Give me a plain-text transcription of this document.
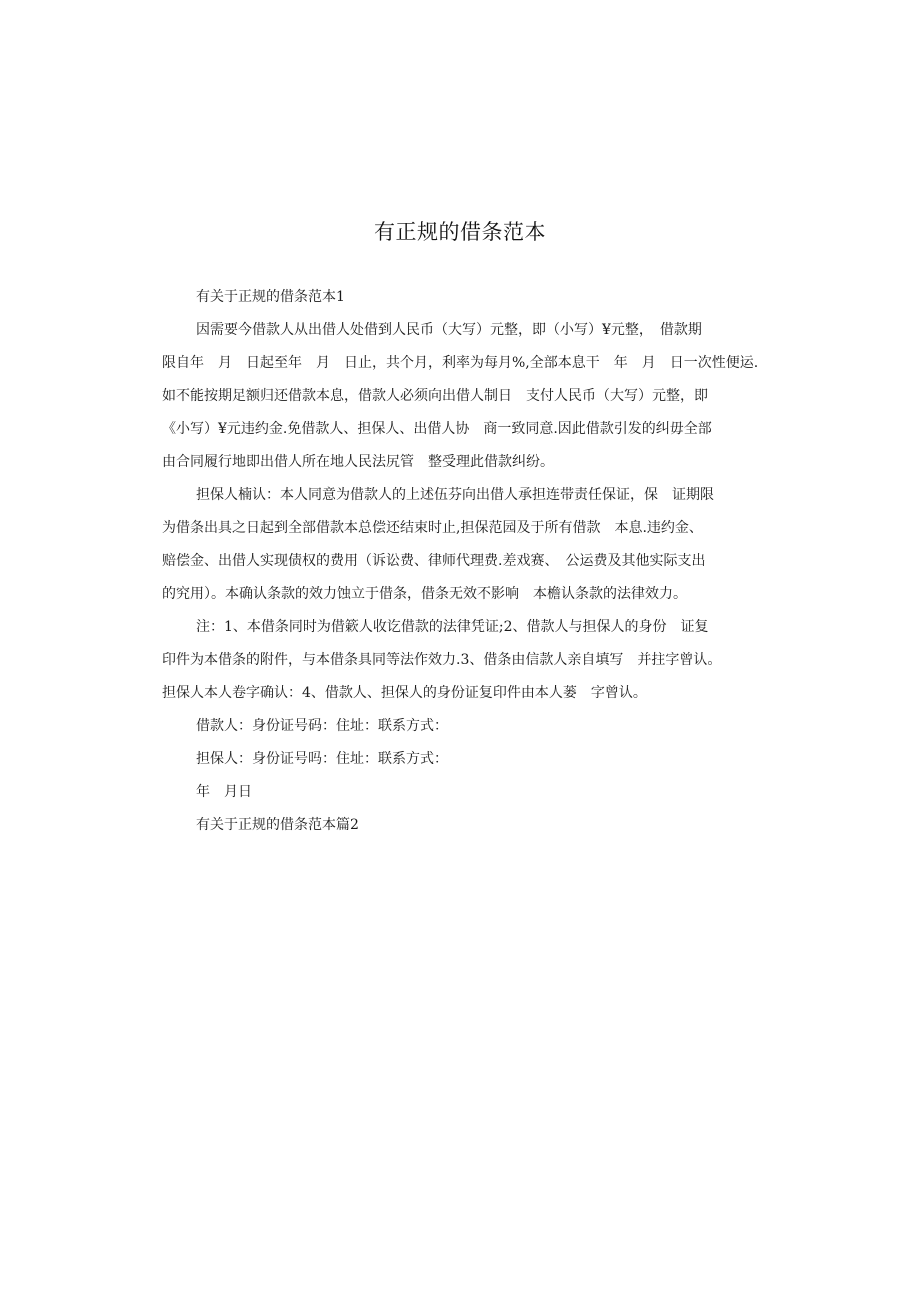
有正规的借条范本
有关于正规的借条范本1
因需要今借款人从出借人处借到人民币（大写）元整，即（小写）¥元整，　借款期
限自年　月　日起至年　月　日止，共个月，利率为每月%,全部本息干　年　月　日一次性便运.
如不能按期足额归还借款本息，借款人必须向出借人制日　支付人民币（大写）元整，即
《小写）¥元违约金.免借款人、担保人、出借人协　商一致同意.因此借款引发的纠毋全部
由合同履行地即出借人所在地人民法尻管　整受理此借款纠纷。
担保人楠认：本人同意为借款人的上述伍芬向出借人承担连带责任保证，保　证期限
为借条出具之日起到全部借款本总偿还结束时止,担保范园及于所有借款　本息.违约金、
赔偿金、出借人实现债权的费用（诉讼费、律师代理费.差戏赛、　公运费及其他实际支出
的究用）。本确认条款的效力蚀立于借条，借条无效不影响　本檐认条款的法律效力。
注：1、本借条同时为借簌人收讫借款的法律凭证;2、借款人与担保人的身份　证复
印件为本借条的附件，与本借条具同等法作效力.3、借条由信款人亲自填写　并拄字曾认。
担保人本人卷字确认：4、借款人、担保人的身份证复印件由本人蒌　字曾认。
借款人：身份证号码：住址：联系方式：
担保人：身份证号吗：住址：联系方式：
年　月日
有关于正规的借条范本篇2
